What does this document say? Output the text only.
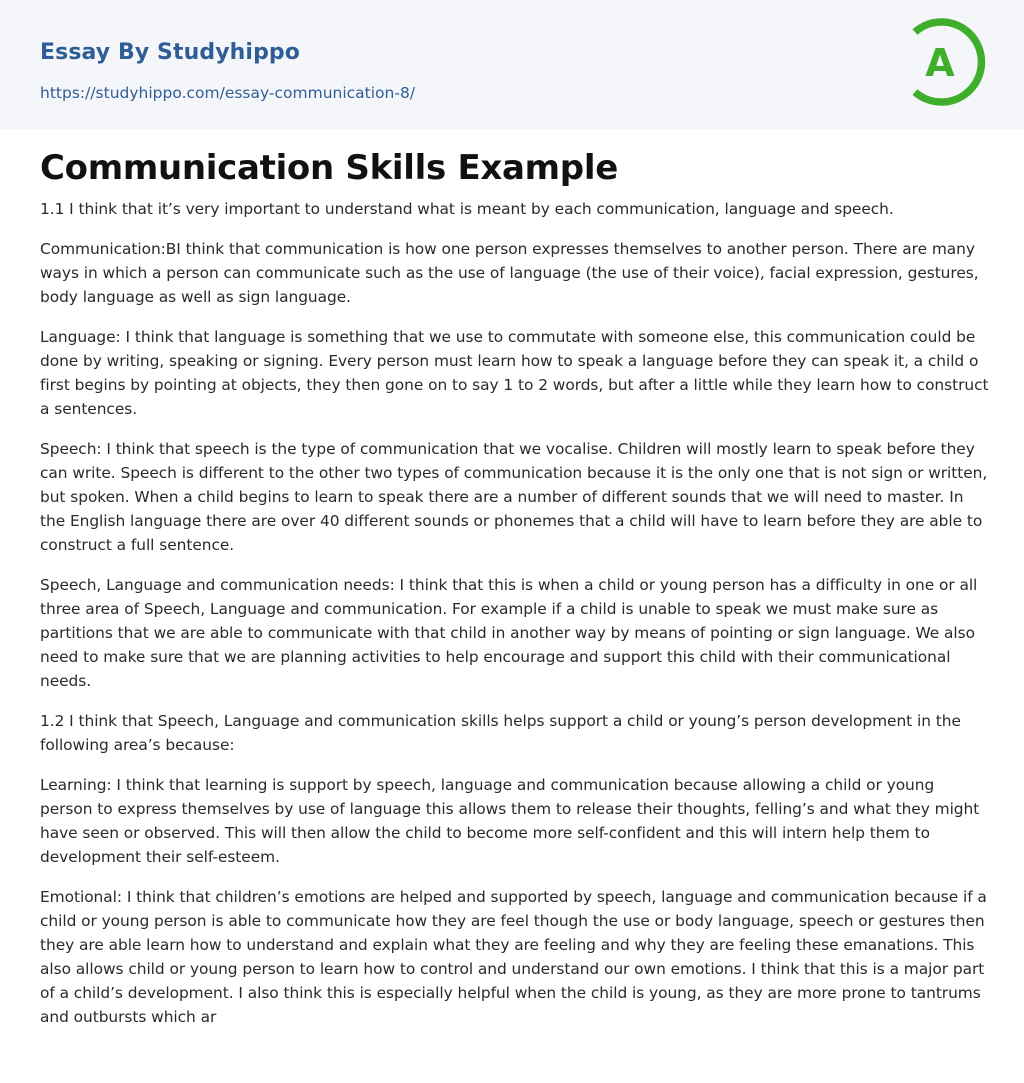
Essay By Studyhippo
https://studyhippo.com/essay-communication-8/
A
Communication Skills Example

1.1 I think that it’s very important to understand what is meant by each communication, language and speech.

Communication:BI think that communication is how one person expresses themselves to another person. There are many ways in which a person can communicate such as the use of language (the use of their voice), facial expression, gestures, body language as well as sign language.

Language: I think that language is something that we use to commutate with someone else, this communication could be done by writing, speaking or signing. Every person must learn how to speak a language before they can speak it, a child o first begins by pointing at objects, they then gone on to say 1 to 2 words, but after a little while they learn how to construct a sentences.

Speech: I think that speech is the type of communication that we vocalise. Children will mostly learn to speak before they can write. Speech is different to the other two types of communication because it is the only one that is not sign or written, but spoken. When a child begins to learn to speak there are a number of different sounds that we will need to master. In the English language there are over 40 different sounds or phonemes that a child will have to learn before they are able to construct a full sentence.

Speech, Language and communication needs: I think that this is when a child or young person has a difficulty in one or all three area of Speech, Language and communication. For example if a child is unable to speak we must make sure as partitions that we are able to communicate with that child in another way by means of pointing or sign language. We also need to make sure that we are planning activities to help encourage and support this child with their communicational needs.

1.2 I think that Speech, Language and communication skills helps support a child or young’s person development in the following area’s because:

Learning: I think that learning is support by speech, language and communication because allowing a child or young person to express themselves by use of language this allows them to release their thoughts, felling’s and what they might have seen or observed. This will then allow the child to become more self-confident and this will intern help them to development their self-esteem.

Emotional: I think that children’s emotions are helped and supported by speech, language and communication because if a child or young person is able to communicate how they are feel though the use or body language, speech or gestures then they are able learn how to understand and explain what they are feeling and why they are feeling these emanations. This also allows child or young person to learn how to control and understand our own emotions. I think that this is a major part of a child’s development. I also think this is especially helpful when the child is young, as they are more prone to tantrums and outbursts which ar
